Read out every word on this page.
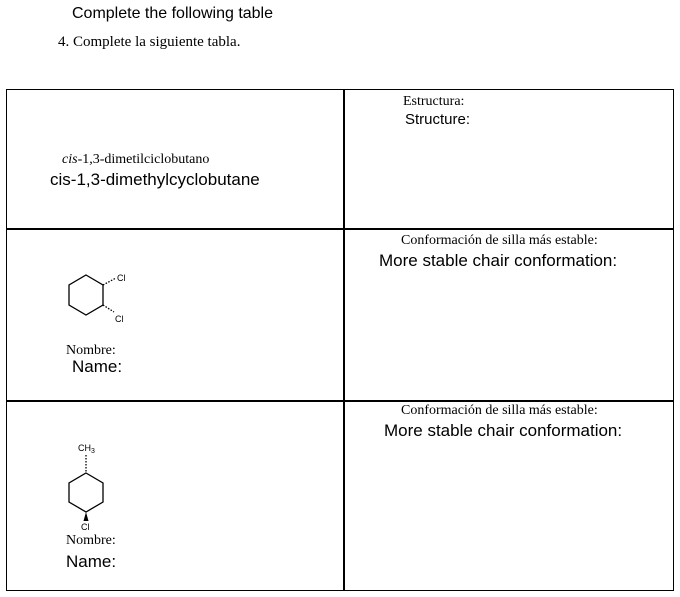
Complete the following table
4. Complete la siguiente tabla.
cis-1,3-dimetilciclobutano
cis-1,3-dimethylcyclobutane
Estructura:
Structure:
Cl
Cl
Nombre:
Name:
Conformación de silla más estable:
More stable chair conformation:
$CH_3$
Cl
Nombre:
Name:
Conformación de silla más estable:
More stable chair conformation:
